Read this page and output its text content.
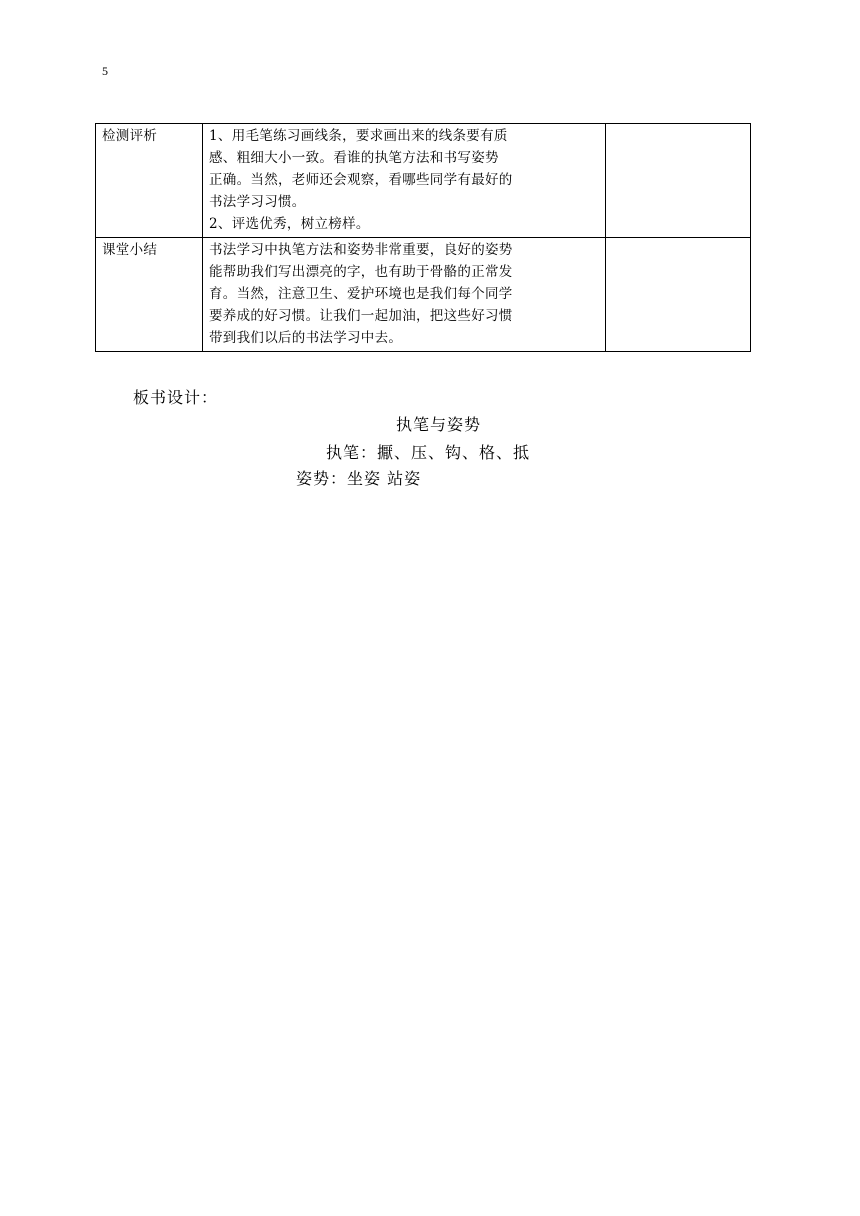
5
检测评析	1、用毛笔练习画线条，要求画出来的线条要有质
感、粗细大小一致。看谁的执笔方法和书写姿势
正确。当然，老师还会观察，看哪些同学有最好的
书法学习习惯。
2、评选优秀，树立榜样。	

课堂小结	书法学习中执笔方法和姿势非常重要，良好的姿势
能帮助我们写出漂亮的字，也有助于骨骼的正常发
育。当然，注意卫生、爱护环境也是我们每个同学
要养成的好习惯。让我们一起加油，把这些好习惯
带到我们以后的书法学习中去。	

板书设计：
执笔与姿势
执笔：擫、压、钩、格、抵
姿势：坐姿 站姿
